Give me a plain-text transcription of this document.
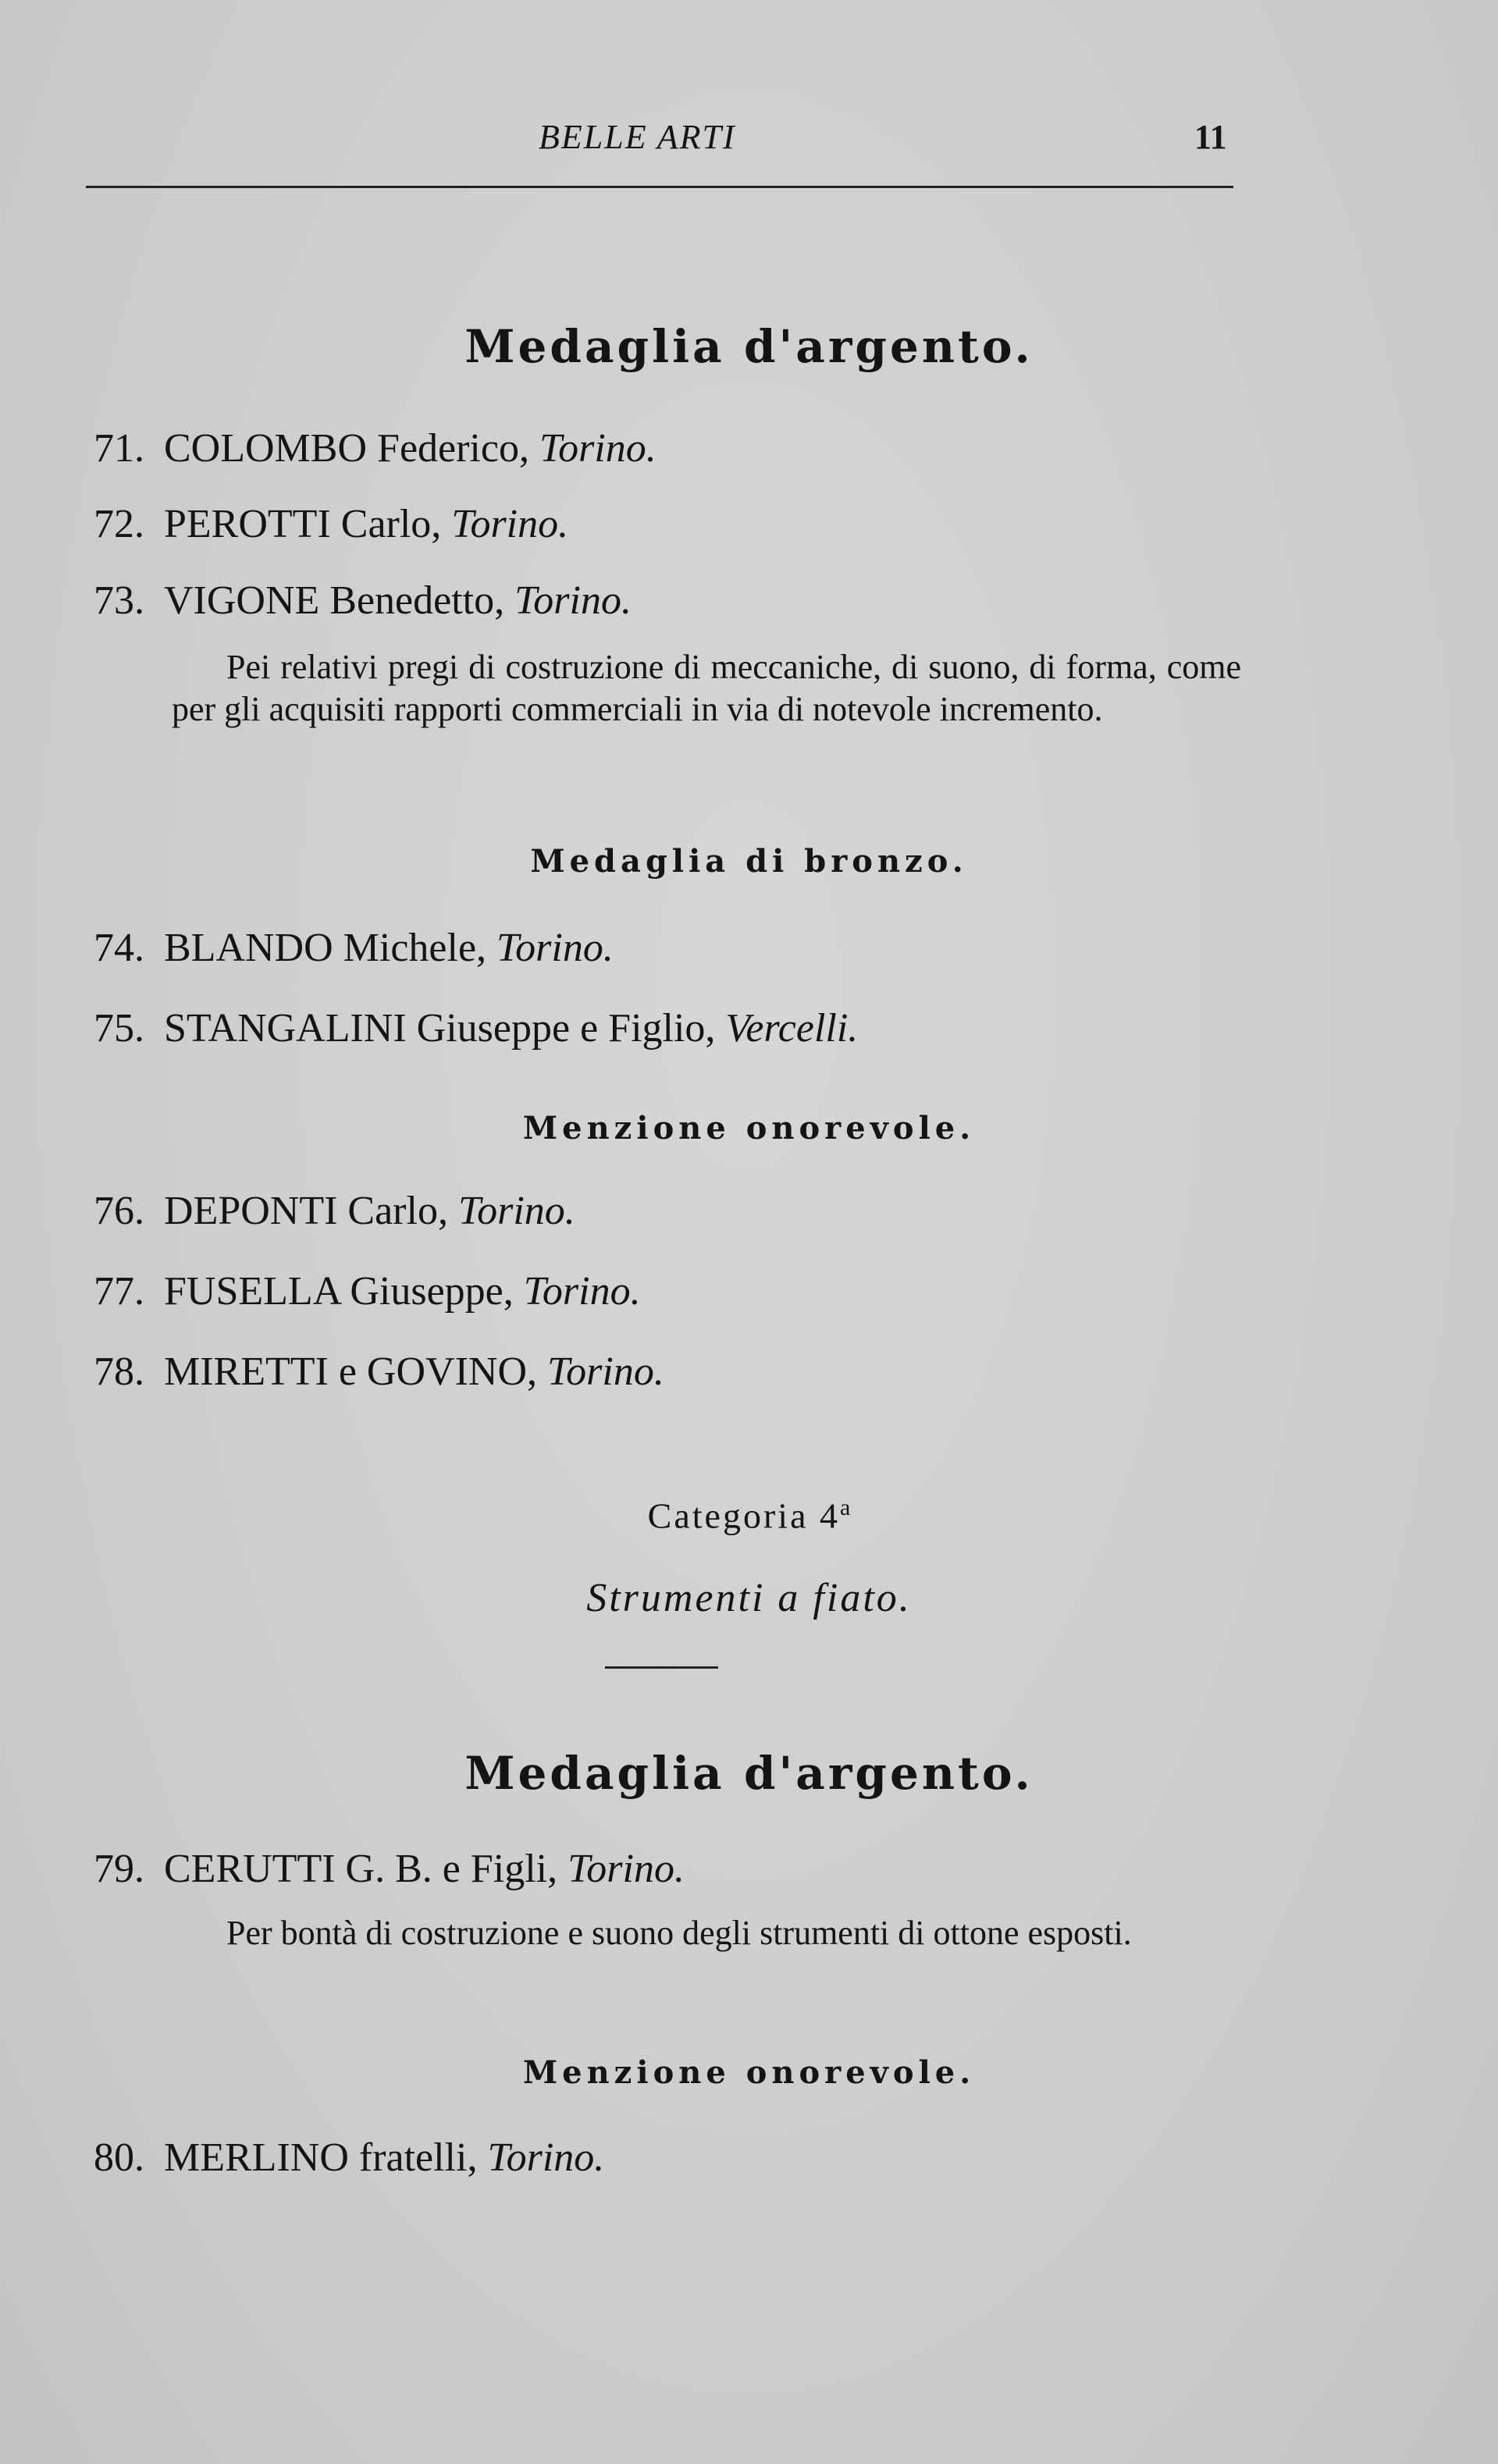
BELLE ARTI	11
Medaglia d'argento.
71. COLOMBO Federico, Torino.
72. PEROTTI Carlo, Torino.
73. VIGONE Benedetto, Torino.
Pei relativi pregi di costruzione di meccaniche, di suono, di forma, come per gli acquisiti rapporti commerciali in via di notevole incremento.
Medaglia di bronzo.
74. BLANDO Michele, Torino.
75. STANGALINI Giuseppe e Figlio, Vercelli.
Menzione onorevole.
76. DEPONTI Carlo, Torino.
77. FUSELLA Giuseppe, Torino.
78. MIRETTI e GOVINO, Torino.
Categoria 4$^a$
Strumenti a fiato.
Medaglia d'argento.
79. CERUTTI G. B. e Figli, Torino.
Per bontà di costruzione e suono degli strumenti di ottone esposti.
Menzione onorevole.
80. MERLINO fratelli, Torino.
